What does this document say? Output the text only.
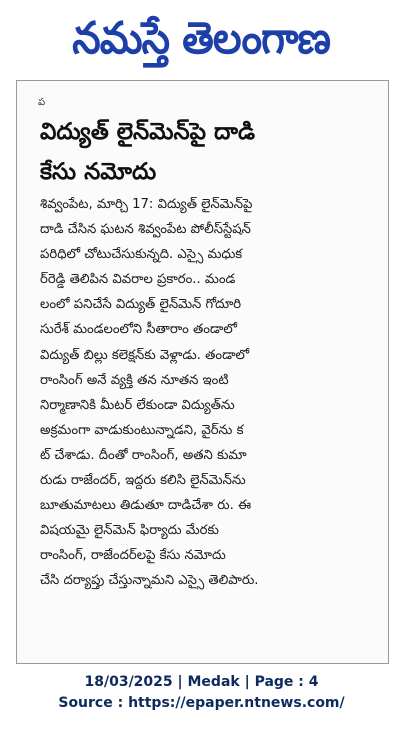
నమస్తే తెలంగాణ
ప
విద్యుత్ లైన్‌మెన్‌పై దాడి
కేసు నమోదు
శివ్వంపేట, మార్చి 17: విద్యుత్ లైన్‌మెన్‌పై
దాడి చేసిన ఘటన శివ్వంపేట పోలీస్‌స్టేషన్
పరిధిలో చోటుచేసుకున్నది. ఎస్సై మధుక
ర్‌రెడ్డి తెలిపిన వివరాల ప్రకారం.. మండ
లంలో పనిచేసే విద్యుత్ లైన్‌మెన్ గోదూరి
సురేశ్ మండలంలోని సీతారాం తండాలో
విద్యుత్ బిల్లు కలెక్షన్‌కు వెళ్లాడు. తండాలో
రాంసింగ్ అనే వ్యక్తి తన నూతన ఇంటి
నిర్మాణానికి మీటర్ లేకుండా విద్యుత్‌ను
అక్రమంగా వాడుకుంటున్నాడని, వైర్‌ను క
ట్ చేశాడు. దీంతో రాంసింగ్, అతని కుమా
రుడు రాజేందర్, ఇద్దరు కలిసి లైన్‌మెన్‌ను
బూతుమాటలు తిడుతూ దాడిచేశా రు. ఈ
విషయమై లైన్‌మెన్ ఫిర్యాదు మేరకు
రాంసింగ్, రాజేందర్‌లపై కేసు నమోదు
చేసి దర్యాప్తు చేస్తున్నామని ఎస్సై తెలిపారు.
18/03/2025 | Medak | Page : 4
Source : https://epaper.ntnews.com/
